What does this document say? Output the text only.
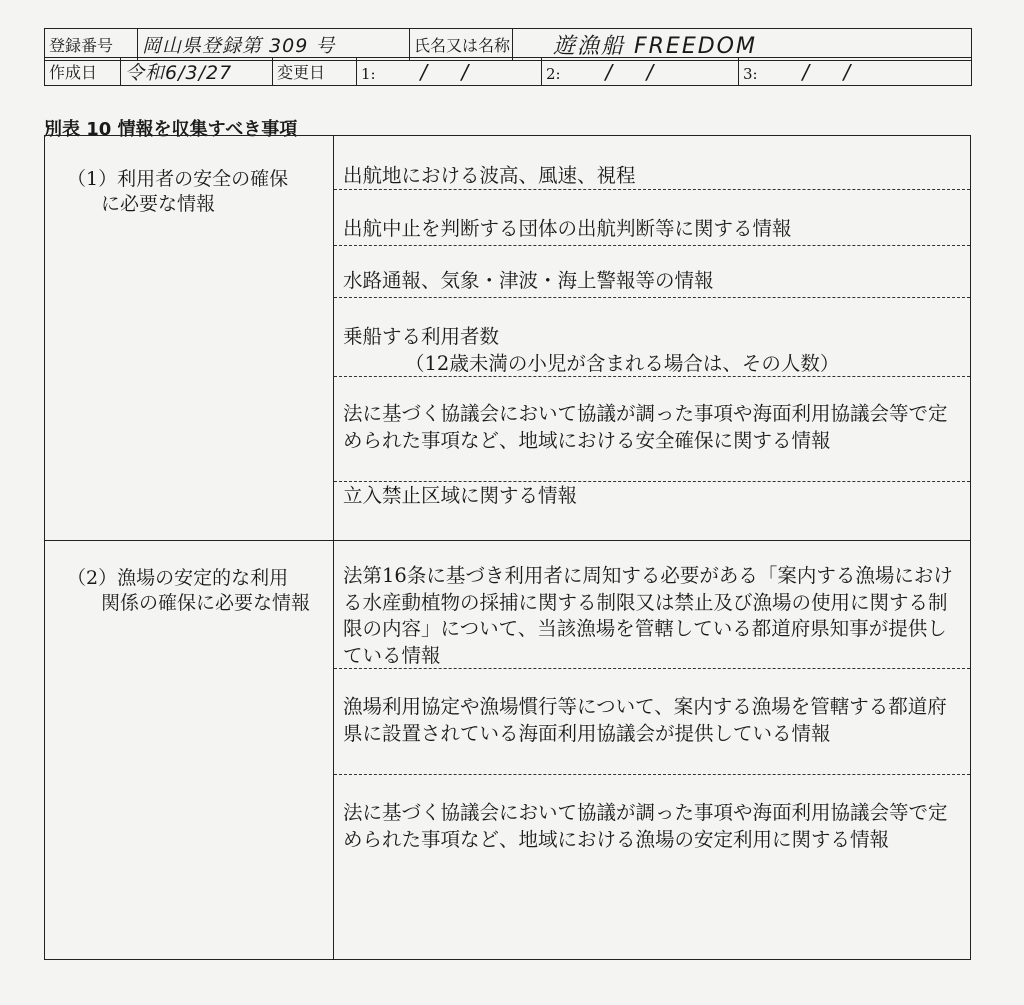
登録番号	岡山県登録第 309 号	氏名又は名称	遊漁船 FREEDOM
作成日	令和6/3/27	変更日	1: / /	2: / /	3: / /
別表 10 情報を収集すべき事項
（1）利用者の安全の確保
に必要な情報
出航地における波高、風速、視程
出航中止を判断する団体の出航判断等に関する情報
水路通報、気象・津波・海上警報等の情報
乗船する利用者数
（12歳未満の小児が含まれる場合は、その人数）
法に基づく協議会において協議が調った事項や海面利用協議会等で定められた事項など、地域における安全確保に関する情報
立入禁止区域に関する情報
（2）漁場の安定的な利用
関係の確保に必要な情報
法第16条に基づき利用者に周知する必要がある「案内する漁場における水産動植物の採捕に関する制限又は禁止及び漁場の使用に関する制限の内容」について、当該漁場を管轄している都道府県知事が提供している情報
漁場利用協定や漁場慣行等について、案内する漁場を管轄する都道府県に設置されている海面利用協議会が提供している情報
法に基づく協議会において協議が調った事項や海面利用協議会等で定められた事項など、地域における漁場の安定利用に関する情報
